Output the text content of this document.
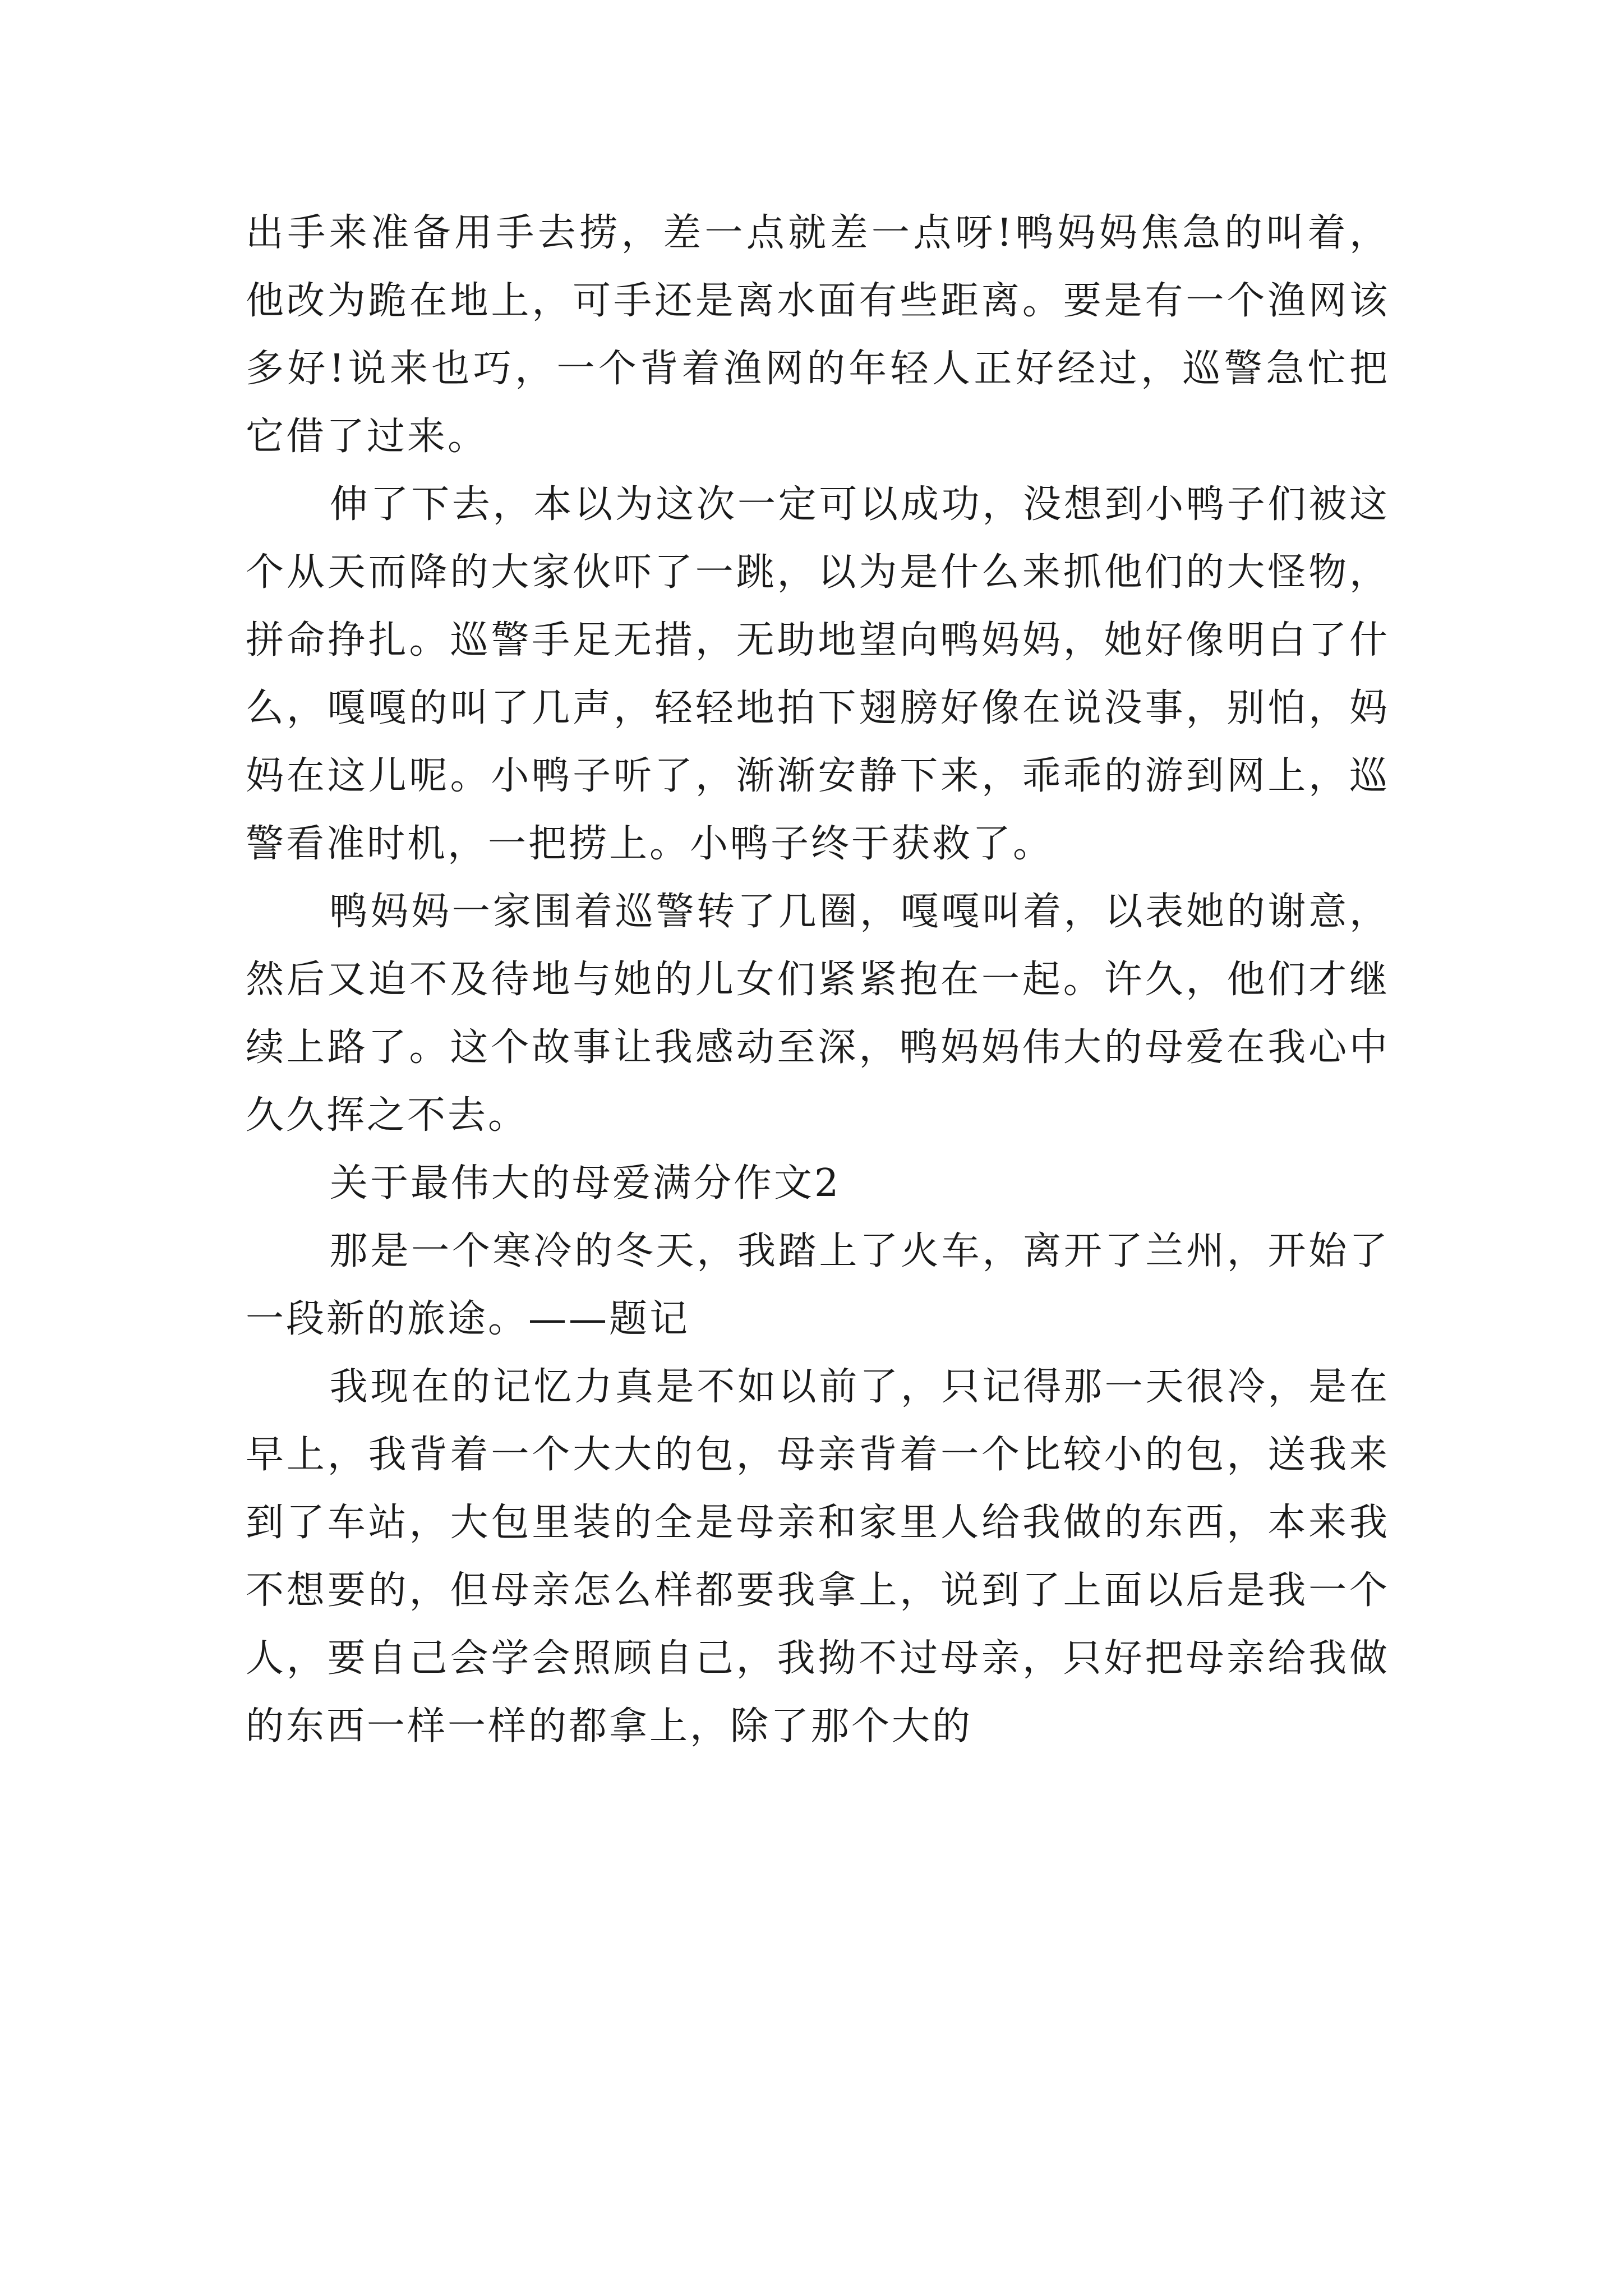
出手来准备用手去捞，差一点就差一点呀!鸭妈妈焦急的叫着，他改为跪在地上，可手还是离水面有些距离。要是有一个渔网该多好!说来也巧，一个背着渔网的年轻人正好经过，巡警急忙把它借了过来。

伸了下去，本以为这次一定可以成功，没想到小鸭子们被这个从天而降的大家伙吓了一跳，以为是什么来抓他们的大怪物，拼命挣扎。巡警手足无措，无助地望向鸭妈妈，她好像明白了什么，嘎嘎的叫了几声，轻轻地拍下翅膀好像在说没事，别怕，妈妈在这儿呢。小鸭子听了，渐渐安静下来，乖乖的游到网上，巡警看准时机，一把捞上。小鸭子终于获救了。

鸭妈妈一家围着巡警转了几圈，嘎嘎叫着，以表她的谢意，然后又迫不及待地与她的儿女们紧紧抱在一起。许久，他们才继续上路了。这个故事让我感动至深，鸭妈妈伟大的母爱在我心中久久挥之不去。

关于最伟大的母爱满分作文2

那是一个寒冷的冬天，我踏上了火车，离开了兰州，开始了一段新的旅途。——题记

我现在的记忆力真是不如以前了，只记得那一天很冷，是在早上，我背着一个大大的包，母亲背着一个比较小的包，送我来到了车站，大包里装的全是母亲和家里人给我做的东西，本来我不想要的，但母亲怎么样都要我拿上，说到了上面以后是我一个人，要自己会学会照顾自己，我拗不过母亲，只好把母亲给我做的东西一样一样的都拿上，除了那个大的
